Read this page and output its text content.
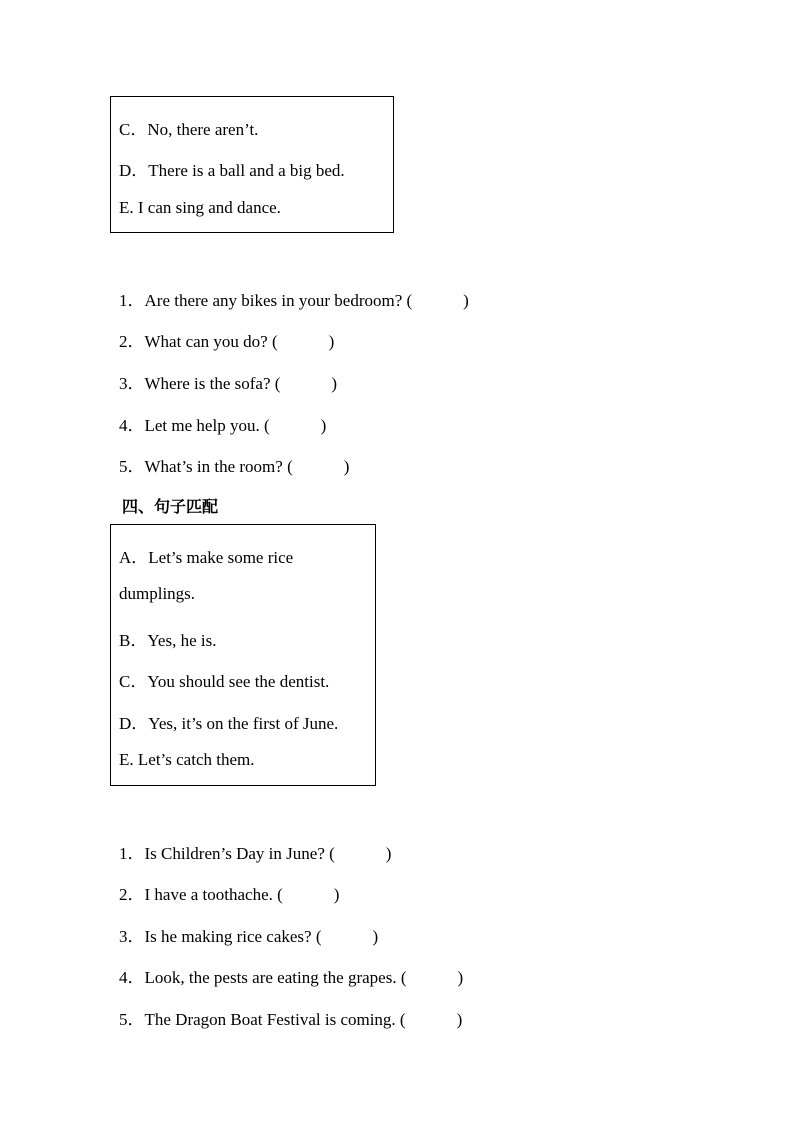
C．No, there aren’t.
D．There is a ball and a big bed.
E. I can sing and dance.
1．Are there any bikes in your bedroom? (　　　)
2．What can you do? (　　　)
3．Where is the sofa? (　　　)
4．Let me help you. (　　　)
5．What’s in the room? (　　　)
四、句子匹配
A．Let’s make some rice
dumplings.
B．Yes, he is.
C．You should see the dentist.
D．Yes, it’s on the first of June.
E. Let’s catch them.
1．Is Children’s Day in June? (　　　)
2．I have a toothache. (　　　)
3．Is he making rice cakes? (　　　)
4．Look, the pests are eating the grapes. (　　　)
5．The Dragon Boat Festival is coming. (　　　)
